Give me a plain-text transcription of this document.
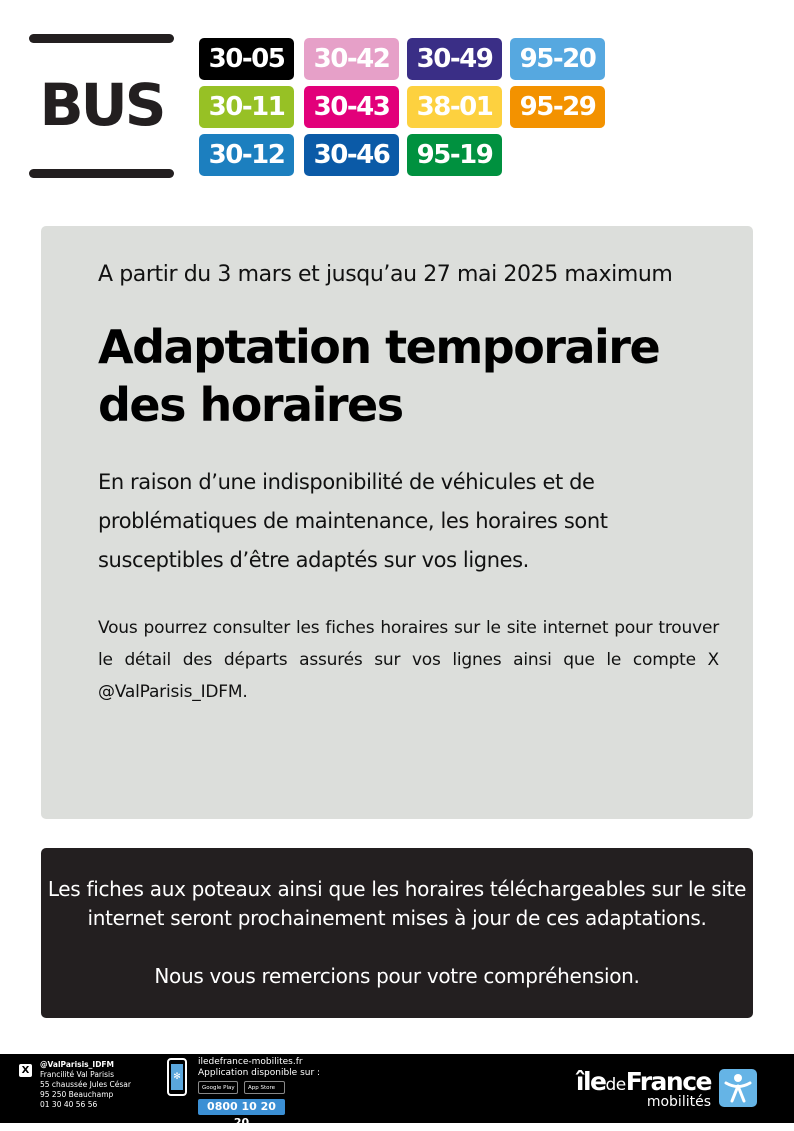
BUS
30-05	30-42	30-49	95-20
30-11	30-43	38-01	95-29
30-12	30-46	95-19
A partir du 3 mars et jusqu’au 27 mai 2025 maximum
Adaptation temporaire
des horaires
En raison d’une indisponibilité de véhicules et de problématiques de maintenance, les horaires sont susceptibles d’être adaptés sur vos lignes.
Vous pourrez consulter les fiches horaires sur le site internet pour trouver le détail des départs assurés sur vos lignes ainsi que le compte X @ValParisis_IDFM.
Les fiches aux poteaux ainsi que les horaires téléchargeables sur le site internet seront prochainement mises à jour de ces adaptations.
Nous vous remercions pour votre compréhension.
X
@ValParisis_IDFM
Francilité Val Parisis
55 chaussée Jules César
95 250 Beauchamp
01 30 40 56 56
✻
iledefrance-mobilites.fr
Application disponible sur :
Google Play	App Store
0800 10 20 20
îledeFrance
mobilités
